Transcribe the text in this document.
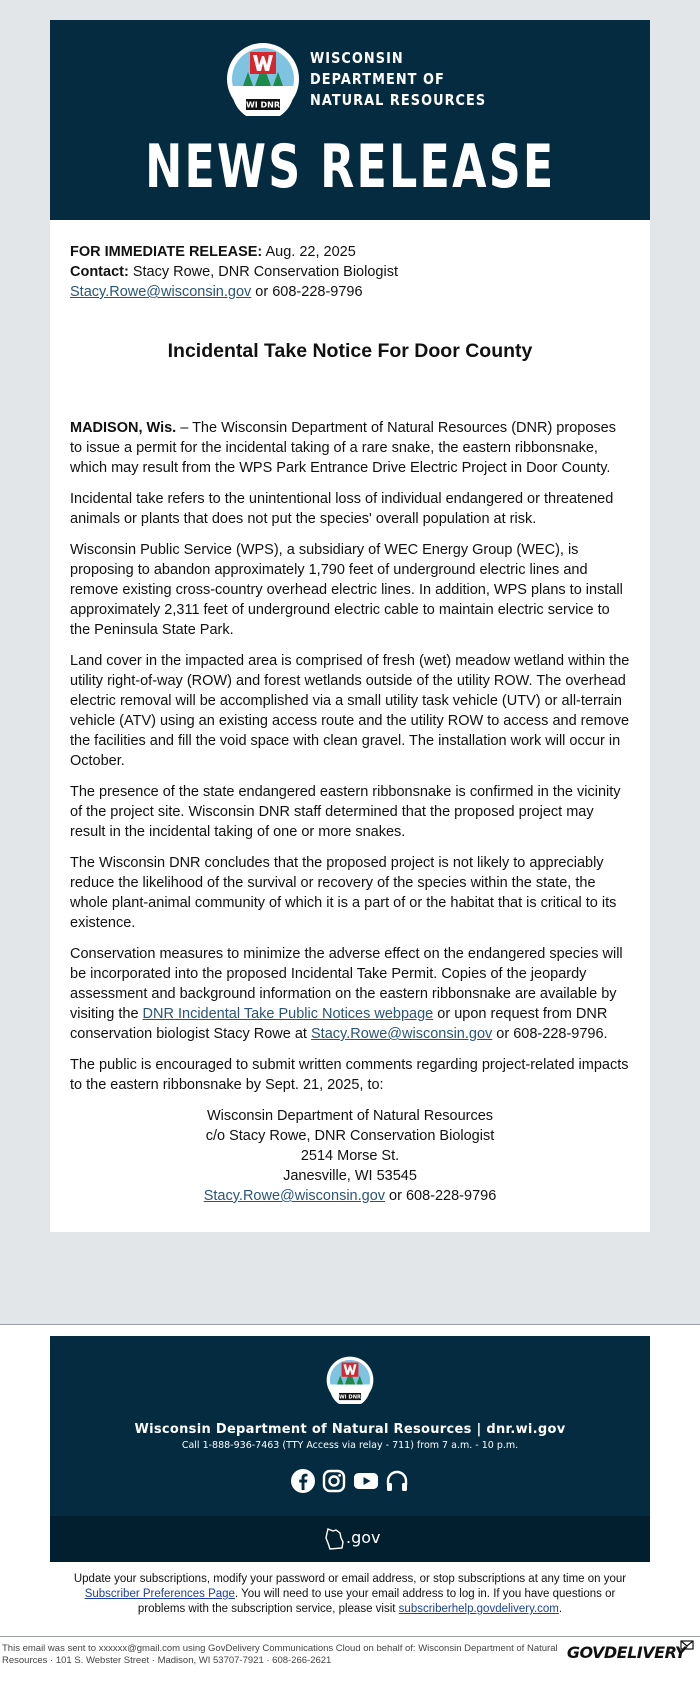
WI DNR
WISCONSIN
DEPARTMENT OF
NATURAL RESOURCES
NEWS RELEASE
FOR IMMEDIATE RELEASE: Aug. 22, 2025
Contact: Stacy Rowe, DNR Conservation Biologist
Stacy.Rowe@wisconsin.gov or 608-228-9796
Incidental Take Notice For Door County

MADISON, Wis. – The Wisconsin Department of Natural Resources (DNR) proposes to issue a permit for the incidental taking of a rare snake, the eastern ribbonsnake, which may result from the WPS Park Entrance Drive Electric Project in Door County.

Incidental take refers to the unintentional loss of individual endangered or threatened animals or plants that does not put the species' overall population at risk.

Wisconsin Public Service (WPS), a subsidiary of WEC Energy Group (WEC), is proposing to abandon approximately 1,790 feet of underground electric lines and remove existing cross-country overhead electric lines. In addition, WPS plans to install approximately 2,311 feet of underground electric cable to maintain electric service to the Peninsula State Park.

Land cover in the impacted area is comprised of fresh (wet) meadow wetland within the utility right-of-way (ROW) and forest wetlands outside of the utility ROW. The overhead electric removal will be accomplished via a small utility task vehicle (UTV) or all-terrain vehicle (ATV) using an existing access route and the utility ROW to access and remove the facilities and fill the void space with clean gravel. The installation work will occur in October.

The presence of the state endangered eastern ribbonsnake is confirmed in the vicinity of the project site. Wisconsin DNR staff determined that the proposed project may result in the incidental taking of one or more snakes.

The Wisconsin DNR concludes that the proposed project is not likely to appreciably reduce the likelihood of the survival or recovery of the species within the state, the whole plant-animal community of which it is a part of or the habitat that is critical to its existence.

Conservation measures to minimize the adverse effect on the endangered species will be incorporated into the proposed Incidental Take Permit. Copies of the jeopardy assessment and background information on the eastern ribbonsnake are available by visiting the DNR Incidental Take Public Notices webpage or upon request from DNR conservation biologist Stacy Rowe at Stacy.Rowe@wisconsin.gov or 608-228-9796.

The public is encouraged to submit written comments regarding project-related impacts to the eastern ribbonsnake by Sept. 21, 2025, to:

Wisconsin Department of Natural Resources
c/o Stacy Rowe, DNR Conservation Biologist
2514 Morse St.
Janesville, WI 53545
Stacy.Rowe@wisconsin.gov or 608-228-9796
WI DNR
Wisconsin Department of Natural Resources | dnr.wi.gov
Call 1-888-936-7463 (TTY Access via relay - 711) from 7 a.m. - 10 p.m.
.gov
Update your subscriptions, modify your password or email address, or stop subscriptions at any time on your Subscriber Preferences Page. You will need to use your email address to log in. If you have questions or problems with the subscription service, please visit subscriberhelp.govdelivery.com.
This email was sent to xxxxxx@gmail.com using GovDelivery Communications Cloud on behalf of: Wisconsin Department of Natural Resources · 101 S. Webster Street · Madison, WI 53707-7921 · 608-266-2621	GOVDELIVERY
